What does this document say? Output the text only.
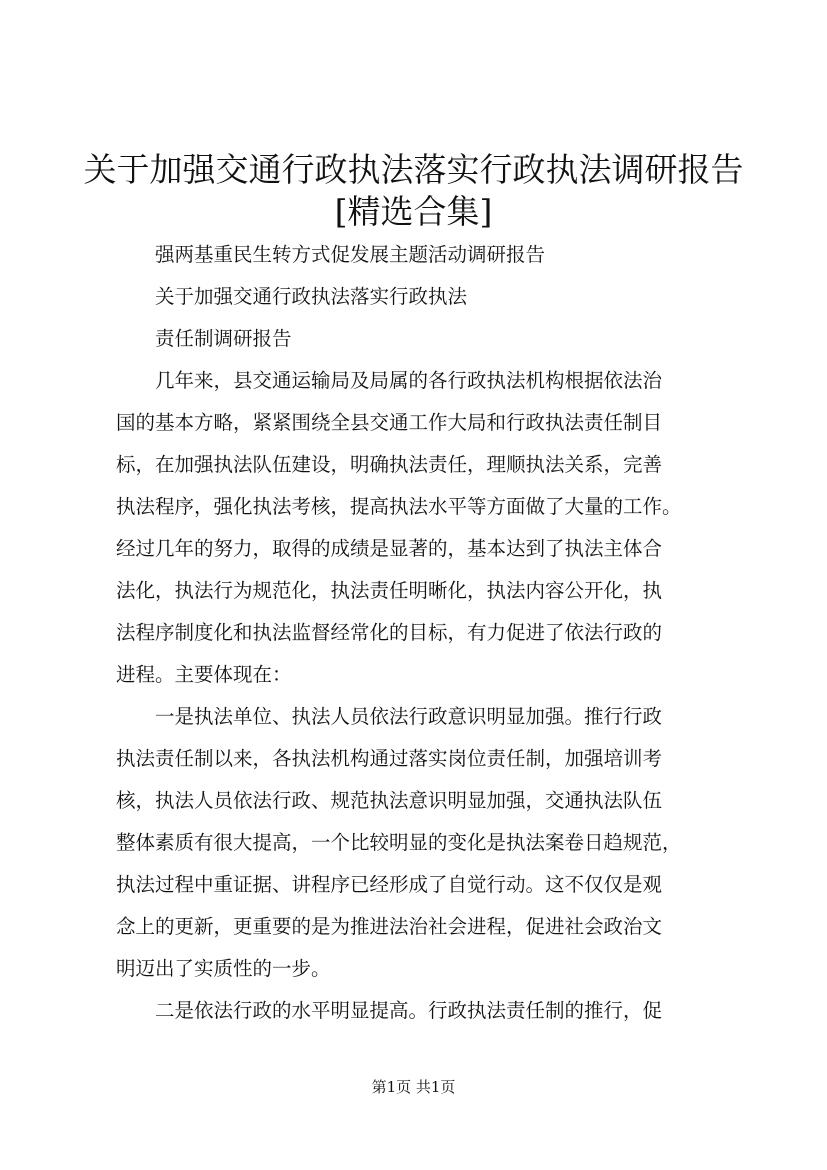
关于加强交通行政执法落实行政执法调研报告
[精选合集]
强两基重民生转方式促发展主题活动调研报告
关于加强交通行政执法落实行政执法
责任制调研报告
几年来，县交通运输局及局属的各行政执法机构根据依法治
国的基本方略，紧紧围绕全县交通工作大局和行政执法责任制目
标，在加强执法队伍建设，明确执法责任，理顺执法关系，完善
执法程序，强化执法考核，提高执法水平等方面做了大量的工作。
经过几年的努力，取得的成绩是显著的，基本达到了执法主体合
法化，执法行为规范化，执法责任明晰化，执法内容公开化，执
法程序制度化和执法监督经常化的目标，有力促进了依法行政的
进程。主要体现在：
一是执法单位、执法人员依法行政意识明显加强。推行行政
执法责任制以来，各执法机构通过落实岗位责任制，加强培训考
核，执法人员依法行政、规范执法意识明显加强，交通执法队伍
整体素质有很大提高，一个比较明显的变化是执法案卷日趋规范，
执法过程中重证据、讲程序已经形成了自觉行动。这不仅仅是观
念上的更新，更重要的是为推进法治社会进程，促进社会政治文
明迈出了实质性的一步。
二是依法行政的水平明显提高。行政执法责任制的推行，促
第1页 共1页
